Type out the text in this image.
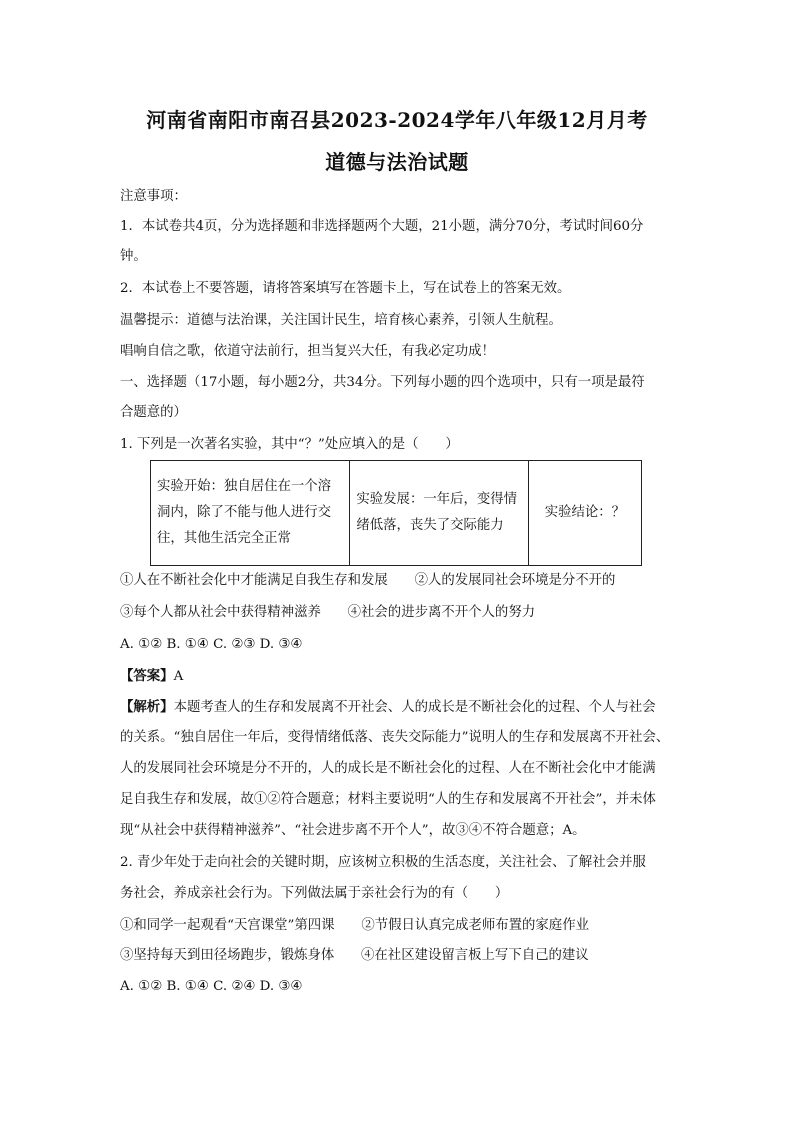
河南省南阳市南召县2023-2024学年八年级12月月考
道德与法治试题
注意事项：
1．本试卷共4页，分为选择题和非选择题两个大题，21小题，满分70分，考试时间60分
钟。
2．本试卷上不要答题，请将答案填写在答题卡上，写在试卷上的答案无效。
温馨提示：道德与法治课，关注国计民生，培育核心素养，引领人生航程。
唱响自信之歌，依道守法前行，担当复兴大任，有我必定功成！
一、选择题（17小题，每小题2分，共34分。下列每小题的四个选项中，只有一项是最符
合题意的）
1. 下列是一次著名实验，其中“？”处应填入的是（　　）
实验开始：独自居住在一个溶
洞内，除了不能与他人进行交
往，其他生活完全正常

实验发展：一年后，变得情
绪低落，丧失了交际能力
	实验结论：？
①人在不断社会化中才能满足自我生存和发展　　②人的发展同社会环境是分不开的
③每个人都从社会中获得精神滋养　　④社会的进步离不开个人的努力
A. ①② B. ①④ C. ②③ D. ③④
【答案】A
【解析】本题考查人的生存和发展离不开社会、人的成长是不断社会化的过程、个人与社会
的关系。“独自居住一年后，变得情绪低落、丧失交际能力”说明人的生存和发展离不开社会、
人的发展同社会环境是分不开的，人的成长是不断社会化的过程、人在不断社会化中才能满
足自我生存和发展，故①②符合题意；材料主要说明“人的生存和发展离不开社会”，并未体
现“从社会中获得精神滋养”、“社会进步离不开个人”，故③④不符合题意；A。
2. 青少年处于走向社会的关键时期，应该树立积极的生活态度，关注社会、了解社会并服
务社会，养成亲社会行为。下列做法属于亲社会行为的有（　　）
①和同学一起观看“天宫课堂”第四课　　②节假日认真完成老师布置的家庭作业
③坚持每天到田径场跑步，锻炼身体　　④在社区建设留言板上写下自己的建议
A. ①② B. ①④ C. ②④ D. ③④
